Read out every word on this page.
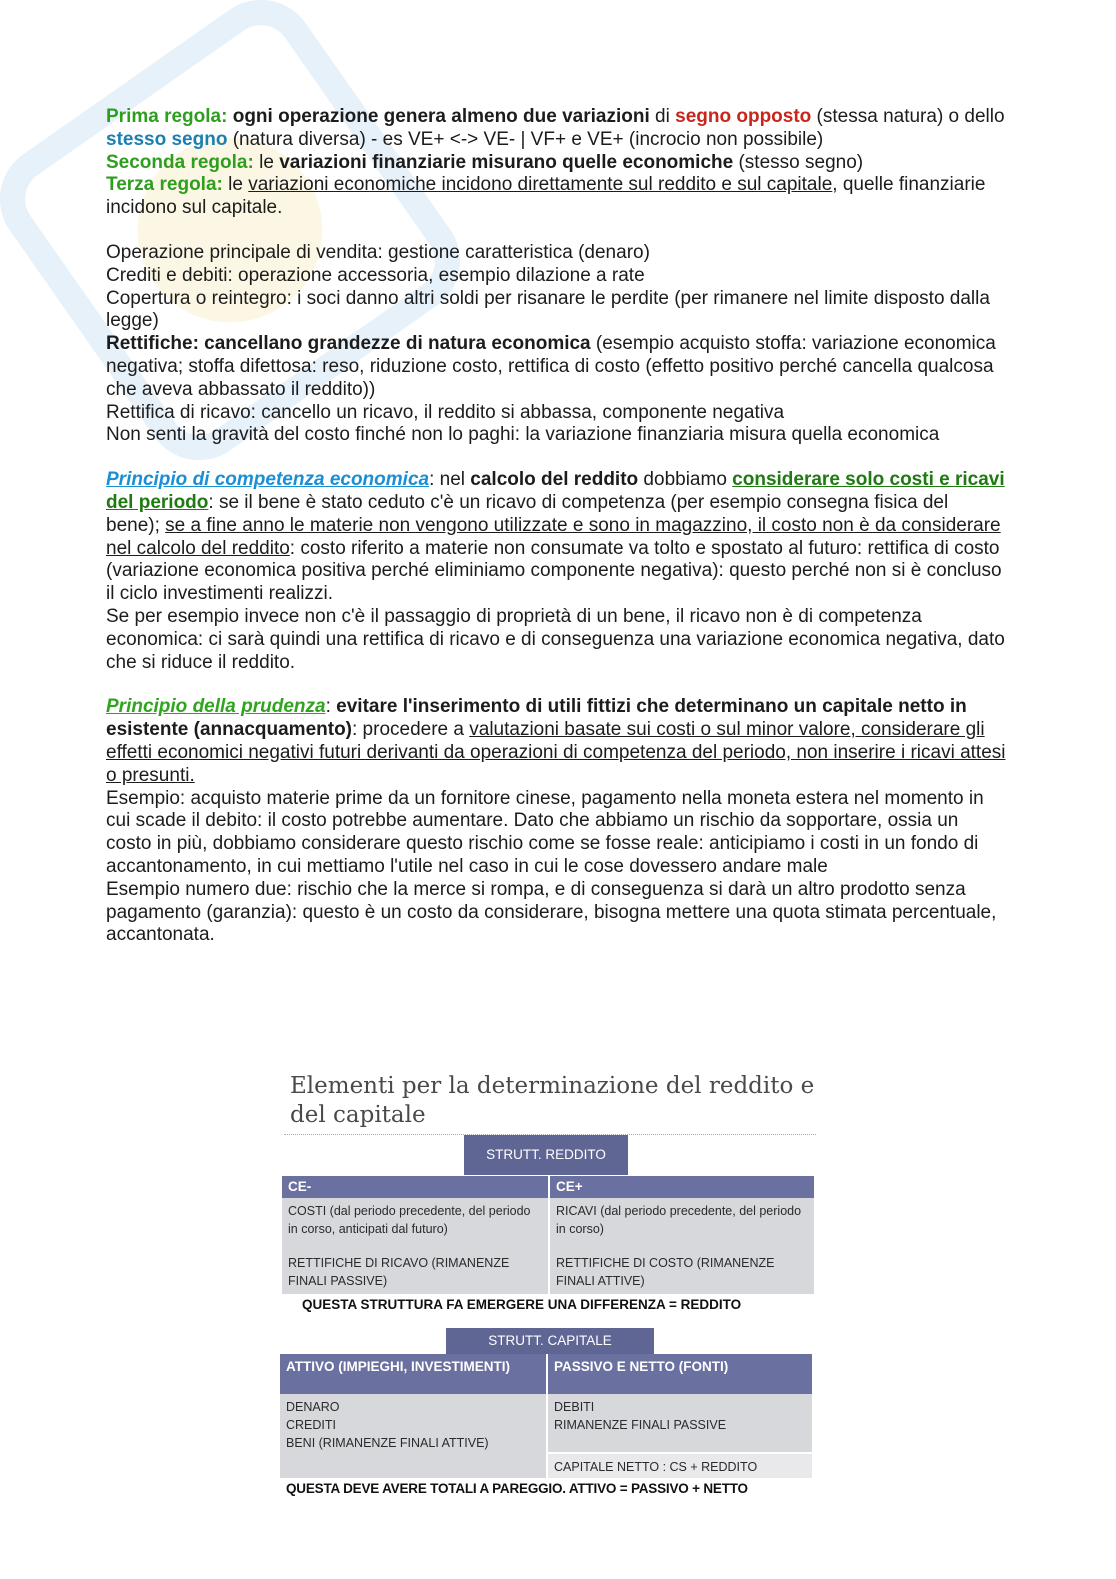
Prima regola: ogni operazione genera almeno due variazioni di segno opposto (stessa natura) o dello stesso segno (natura diversa) - es VE+ <-> VE- | VF+ e VE+ (incrocio non possibile)
Seconda regola: le variazioni finanziarie misurano quelle economiche (stesso segno)
Terza regola: le variazioni economiche incidono direttamente sul reddito e sul capitale, quelle finanziarie incidono sul capitale.

Operazione principale di vendita: gestione caratteristica (denaro)
Crediti e debiti: operazione accessoria, esempio dilazione a rate
Copertura o reintegro: i soci danno altri soldi per risanare le perdite (per rimanere nel limite disposto dalla legge)
Rettifiche: cancellano grandezze di natura economica (esempio acquisto stoffa: variazione economica negativa; stoffa difettosa: reso, riduzione costo, rettifica di costo (effetto positivo perché cancella qualcosa che aveva abbassato il reddito))
Rettifica di ricavo: cancello un ricavo, il reddito si abbassa, componente negativa
Non senti la gravità del costo finché non lo paghi: la variazione finanziaria misura quella economica

Principio di competenza economica: nel calcolo del reddito dobbiamo considerare solo costi e ricavi del periodo: se il bene è stato ceduto c'è un ricavo di competenza (per esempio consegna fisica del bene); se a fine anno le materie non vengono utilizzate e sono in magazzino, il costo non è da considerare nel calcolo del reddito: costo riferito a materie non consumate va tolto e spostato al futuro: rettifica di costo (variazione economica positiva perché eliminiamo componente negativa): questo perché non si è concluso il ciclo investimenti realizzi.
Se per esempio invece non c'è il passaggio di proprietà di un bene, il ricavo non è di competenza economica: ci sarà quindi una rettifica di ricavo e di conseguenza una variazione economica negativa, dato che si riduce il reddito.

Principio della prudenza: evitare l'inserimento di utili fittizi che determinano un capitale netto in esistente (annacquamento): procedere a valutazioni basate sui costi o sul minor valore, considerare gli effetti economici negativi futuri derivanti da operazioni di competenza del periodo, non inserire i ricavi attesi o presunti.
Esempio: acquisto materie prime da un fornitore cinese, pagamento nella moneta estera nel momento in cui scade il debito: il costo potrebbe aumentare. Dato che abbiamo un rischio da sopportare, ossia un costo in più, dobbiamo considerare questo rischio come se fosse reale: anticipiamo i costi in un fondo di accantonamento, in cui mettiamo l'utile nel caso in cui le cose dovessero andare male
Esempio numero due: rischio che la merce si rompa, e di conseguenza si darà un altro prodotto senza pagamento (garanzia): questo è un costo da considerare, bisogna mettere una quota stimata percentuale, accantonata.

Elementi per la determinazione del reddito e del capitale
STRUTT. REDDITO
CE-	CE+
COSTI (dal periodo precedente, del periodo in corso, anticipati dal futuro)
RETTIFICHE DI RICAVO (RIMANENZE FINALI PASSIVE)
RICAVI (dal periodo precedente, del periodo in corso)
RETTIFICHE DI COSTO (RIMANENZE FINALI ATTIVE)
QUESTA STRUTTURA FA EMERGERE UNA DIFFERENZA = REDDITO
STRUTT. CAPITALE
ATTIVO (IMPIEGHI, INVESTIMENTI)	PASSIVO E NETTO (FONTI)
DENARO
CREDITI
BENI (RIMANENZE FINALI ATTIVE)
DEBITI
RIMANENZE FINALI PASSIVE
CAPITALE NETTO : CS + REDDITO
QUESTA DEVE AVERE TOTALI A PAREGGIO. ATTIVO = PASSIVO + NETTO
